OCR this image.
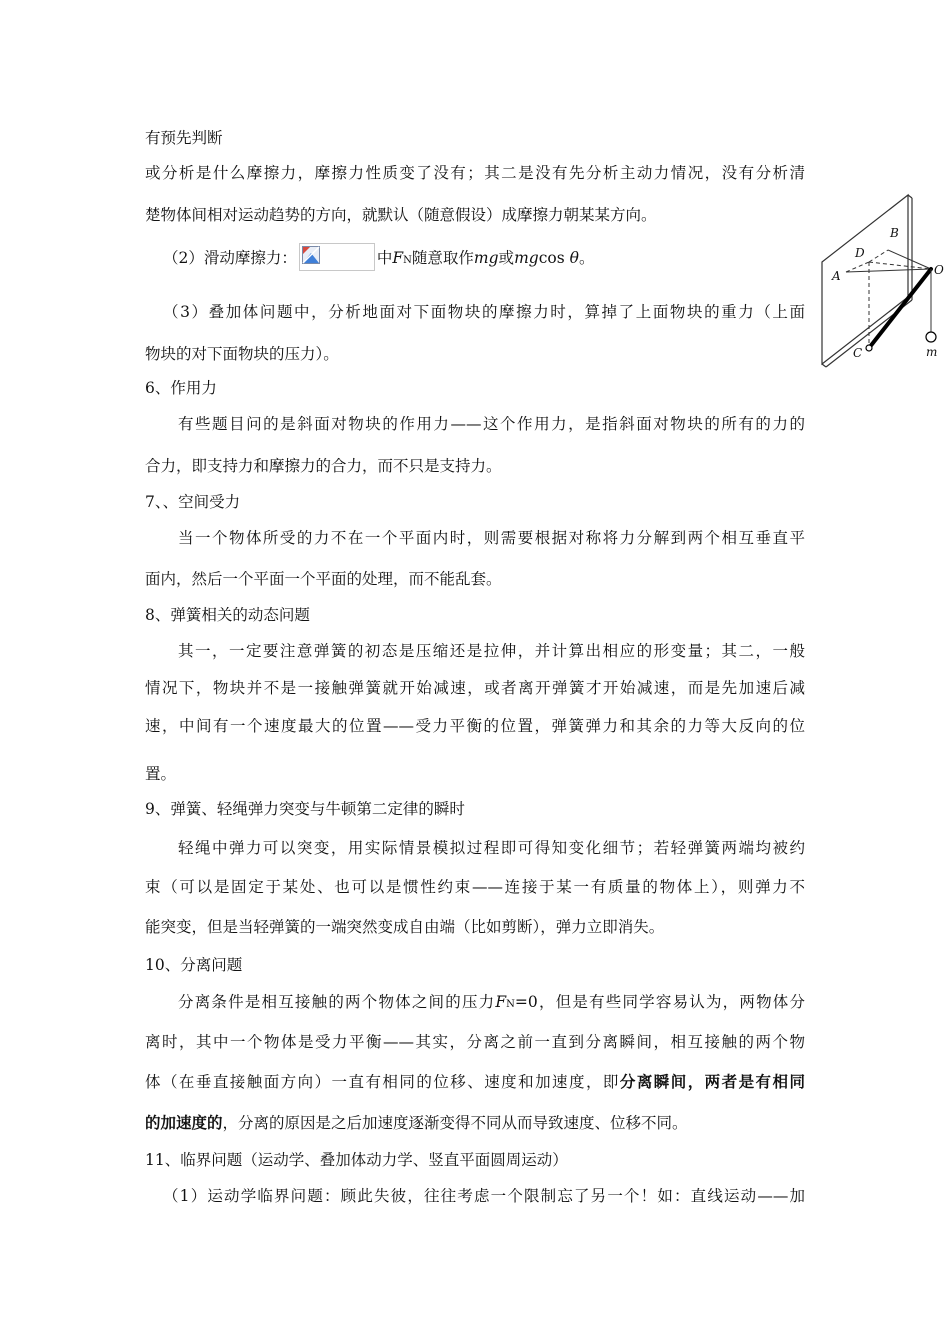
有预先判断
或分析是什么摩擦力，摩擦力性质变了没有；其二是没有先分析主动力情况，没有分析清
楚物体间相对运动趋势的方向，就默认（随意假设）成摩擦力朝某某方向。
（2）滑动摩擦力：	中FN随意取作mg或mgcos θ。
（3）叠加体问题中，分析地面对下面物块的摩擦力时，算掉了上面物块的重力（上面
物块的对下面物块的压力）。
6、作用力
有些题目问的是斜面对物块的作用力——这个作用力，是指斜面对物块的所有的力的
合力，即支持力和摩擦力的合力，而不只是支持力。
7、、空间受力
当一个物体所受的力不在一个平面内时，则需要根据对称将力分解到两个相互垂直平
面内，然后一个平面一个平面的处理，而不能乱套。
8、弹簧相关的动态问题
其一，一定要注意弹簧的初态是压缩还是拉伸，并计算出相应的形变量；其二，一般
情况下，物块并不是一接触弹簧就开始减速，或者离开弹簧才开始减速，而是先加速后减
速，中间有一个速度最大的位置——受力平衡的位置，弹簧弹力和其余的力等大反向的位
置。
9、弹簧、轻绳弹力突变与牛顿第二定律的瞬时
轻绳中弹力可以突变，用实际情景模拟过程即可得知变化细节；若轻弹簧两端均被约
束（可以是固定于某处、也可以是惯性约束——连接于某一有质量的物体上），则弹力不
能突变，但是当轻弹簧的一端突然变成自由端（比如剪断），弹力立即消失。
10、分离问题
分离条件是相互接触的两个物体之间的压力FN=0，但是有些同学容易认为，两物体分
离时，其中一个物体是受力平衡——其实，分离之前一直到分离瞬间，相互接触的两个物
体（在垂直接触面方向）一直有相同的位移、速度和加速度，即分离瞬间，两者是有相同
的加速度的，分离的原因是之后加速度逐渐变得不同从而导致速度、位移不同。
11、临界问题（运动学、叠加体动力学、竖直平面圆周运动）
（1）运动学临界问题：顾此失彼，往往考虑一个限制忘了另一个！如：直线运动——加
A
B
C
D
O
m
